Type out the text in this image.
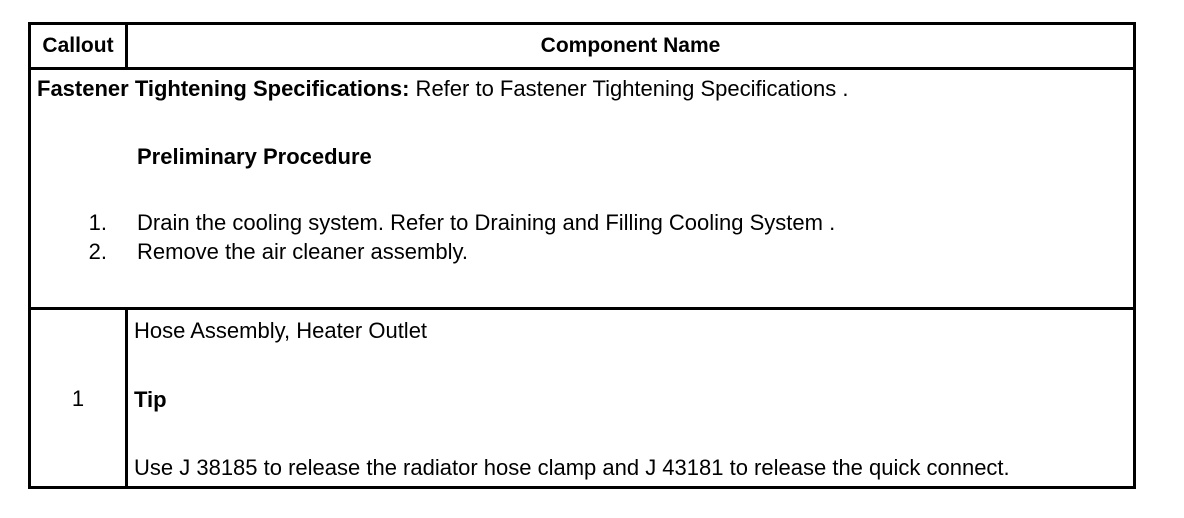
Callout	Component Name
Fastener Tightening Specifications: Refer to Fastener Tightening Specifications .
Preliminary Procedure
1. Drain the cooling system. Refer to Draining and Filling Cooling System .
2. Remove the air cleaner assembly.
1
Hose Assembly, Heater Outlet
Tip
Use J 38185 to release the radiator hose clamp and J 43181 to release the quick connect.
